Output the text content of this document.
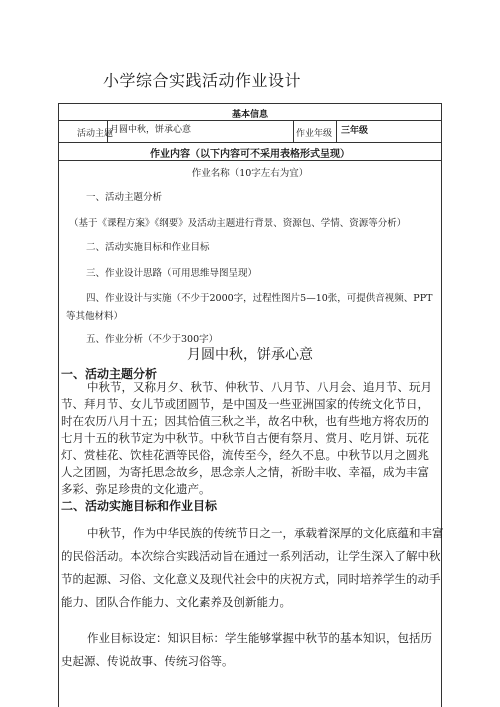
小学综合实践活动作业设计
基本信息
活动主题
月圆中秋，饼承心意	作业年级 三年级
作业内容（以下内容可不采用表格形式呈现）
作业名称（10字左右为宜）
一、活动主题分析
（基于《课程方案》《纲要》及活动主题进行背景、资源包、学情、资源等分析）
二、活动实施目标和作业目标
三、作业设计思路（可用思维导图呈现）
四、作业设计与实施（不少于2000字，过程性图片5—10张，可提供音视频、PPT
等其他材料）
五、作业分析（不少于300字）
月圆中秋，饼承心意
一、活动主题分析
中秋节，又称月夕、秋节、仲秋节、八月节、八月会、追月节、玩月
节、拜月节、女儿节或团圆节，是中国及一些亚洲国家的传统文化节日，
时在农历八月十五；因其恰值三秋之半，故名中秋，也有些地方将农历的
七月十五的秋节定为中秋节。中秋节自古便有祭月、赏月、吃月饼、玩花
灯、赏桂花、饮桂花酒等民俗，流传至今，经久不息。中秋节以月之圆兆
人之团圆，为寄托思念故乡，思念亲人之情，祈盼丰收、幸福，成为丰富
多彩、弥足珍贵的文化遗产。
二、活动实施目标和作业目标
中秋节，作为中华民族的传统节日之一，承载着深厚的文化底蕴和丰富
的民俗活动。本次综合实践活动旨在通过一系列活动，让学生深入了解中秋
节的起源、习俗、文化意义及现代社会中的庆祝方式，同时培养学生的动手
能力、团队合作能力、文化素养及创新能力。
作业目标设定：知识目标：学生能够掌握中秋节的基本知识，包括历
史起源、传说故事、传统习俗等。
